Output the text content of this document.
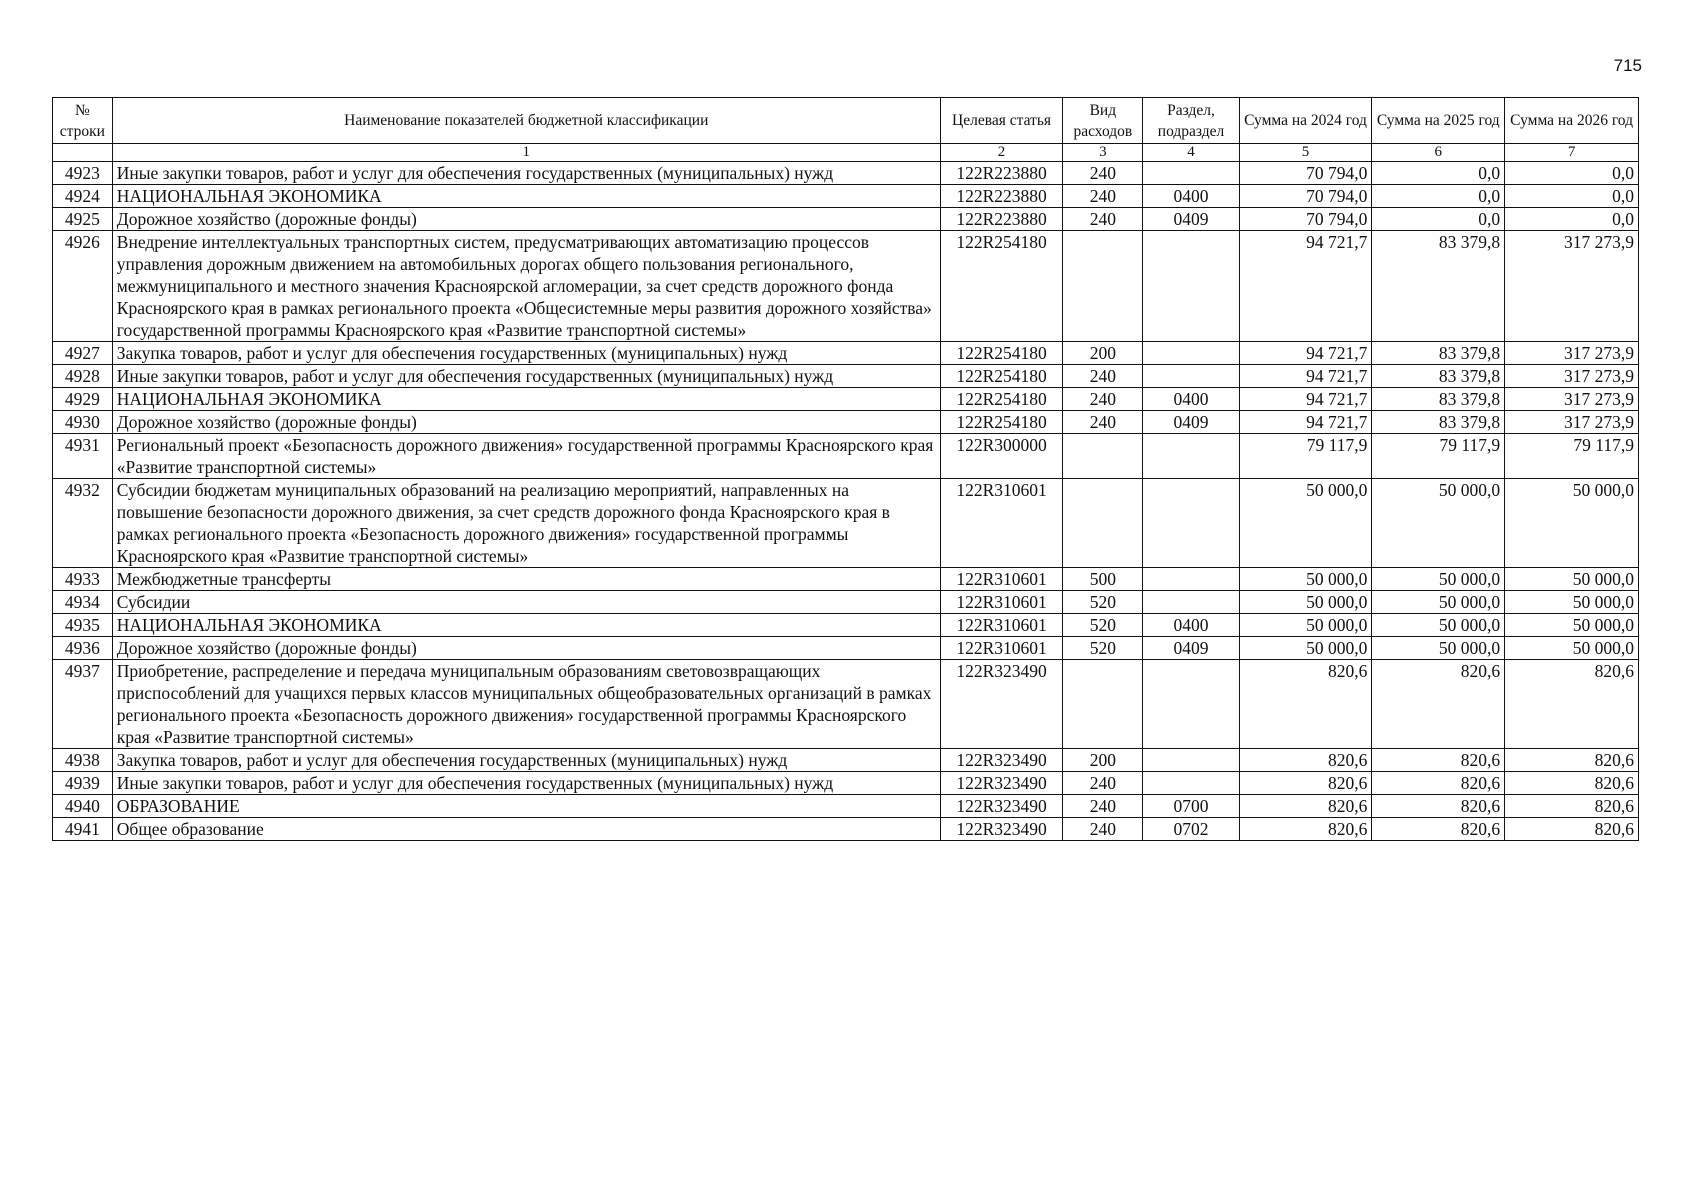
715
№ строки	Наименование показателей бюджетной классификации	Целевая статья	Вид расходов	Раздел, подраздел	Сумма на 2024 год	Сумма на 2025 год	Сумма на 2026 год
	1	2	3	4	5	6	7
4923	Иные закупки товаров, работ и услуг для обеспечения государственных (муниципальных) нужд	122R223880	240		70 794,0	0,0	0,0
4924	НАЦИОНАЛЬНАЯ ЭКОНОМИКА	122R223880	240	0400	70 794,0	0,0	0,0
4925	Дорожное хозяйство (дорожные фонды)	122R223880	240	0409	70 794,0	0,0	0,0
4926	Внедрение интеллектуальных транспортных систем, предусматривающих автоматизацию процессов управления дорожным движением на автомобильных дорогах общего пользования регионального, межмуниципального и местного значения Красноярской агломерации, за счет средств дорожного фонда Красноярского края в рамках регионального проекта «Общесистемные меры развития дорожного хозяйства» государственной программы Красноярского края «Развитие транспортной системы»	122R254180			94 721,7	83 379,8	317 273,9
4927	Закупка товаров, работ и услуг для обеспечения государственных (муниципальных) нужд	122R254180	200		94 721,7	83 379,8	317 273,9
4928	Иные закупки товаров, работ и услуг для обеспечения государственных (муниципальных) нужд	122R254180	240		94 721,7	83 379,8	317 273,9
4929	НАЦИОНАЛЬНАЯ ЭКОНОМИКА	122R254180	240	0400	94 721,7	83 379,8	317 273,9
4930	Дорожное хозяйство (дорожные фонды)	122R254180	240	0409	94 721,7	83 379,8	317 273,9
4931	Региональный проект «Безопасность дорожного движения» государственной программы Красноярского края «Развитие транспортной системы»	122R300000			79 117,9	79 117,9	79 117,9
4932	Субсидии бюджетам муниципальных образований на реализацию мероприятий, направленных на повышение безопасности дорожного движения, за счет средств дорожного фонда Красноярского края в рамках регионального проекта «Безопасность дорожного движения» государственной программы Красноярского края «Развитие транспортной системы»	122R310601			50 000,0	50 000,0	50 000,0
4933	Межбюджетные трансферты	122R310601	500		50 000,0	50 000,0	50 000,0
4934	Субсидии	122R310601	520		50 000,0	50 000,0	50 000,0
4935	НАЦИОНАЛЬНАЯ ЭКОНОМИКА	122R310601	520	0400	50 000,0	50 000,0	50 000,0
4936	Дорожное хозяйство (дорожные фонды)	122R310601	520	0409	50 000,0	50 000,0	50 000,0
4937	Приобретение, распределение и передача муниципальным образованиям световозвращающих приспособлений для учащихся первых классов муниципальных общеобразовательных организаций в рамках регионального проекта «Безопасность дорожного движения» государственной программы Красноярского края «Развитие транспортной системы»	122R323490			820,6	820,6	820,6
4938	Закупка товаров, работ и услуг для обеспечения государственных (муниципальных) нужд	122R323490	200		820,6	820,6	820,6
4939	Иные закупки товаров, работ и услуг для обеспечения государственных (муниципальных) нужд	122R323490	240		820,6	820,6	820,6
4940	ОБРАЗОВАНИЕ	122R323490	240	0700	820,6	820,6	820,6
4941	Общее образование	122R323490	240	0702	820,6	820,6	820,6
